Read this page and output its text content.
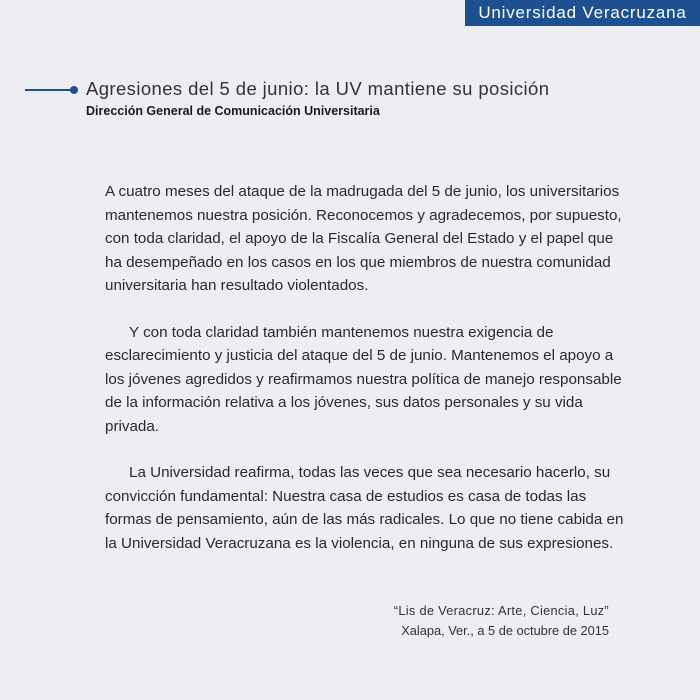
Universidad Veracruzana
Agresiones del 5 de junio: la UV mantiene su posición
Dirección General de Comunicación Universitaria

A cuatro meses del ataque de la madrugada del 5 de junio, los universitarios mantenemos nuestra posición. Reconocemos y agradecemos, por supuesto, con toda claridad, el apoyo de la Fiscalía General del Estado y el papel que ha desempeñado en los casos en los que miembros de nuestra comunidad universitaria han resultado violentados.

Y con toda claridad también mantenemos nuestra exigencia de esclarecimiento y justicia del ataque del 5 de junio. Mantenemos el apoyo a los jóvenes agredidos y reafirmamos nuestra política de manejo responsable de la información relativa a los jóvenes, sus datos personales y su vida privada.

La Universidad reafirma, todas las veces que sea necesario hacerlo, su convicción fundamental: Nuestra casa de estudios es casa de todas las formas de pensamiento, aún de las más radicales. Lo que no tiene cabida en la Universidad Veracruzana es la violencia, en ninguna de sus expresiones.

“Lis de Veracruz: Arte, Ciencia, Luz”
Xalapa, Ver., a 5 de octubre de 2015
